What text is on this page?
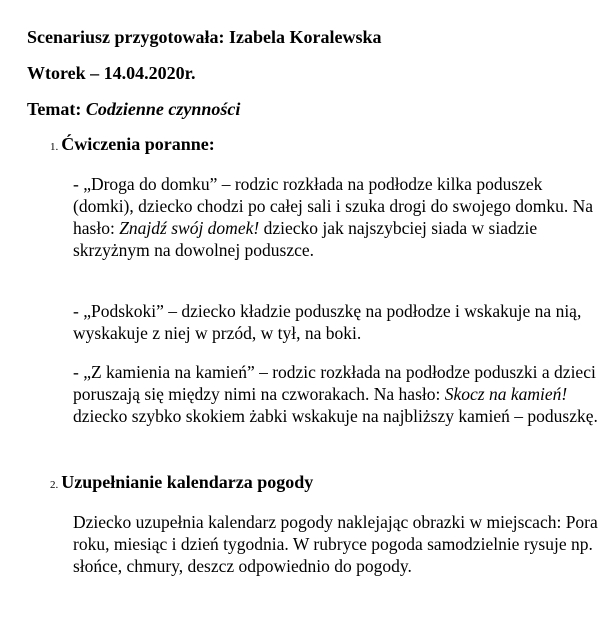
Scenariusz przygotowała: Izabela Koralewska
Wtorek – 14.04.2020r.
Temat: Codzienne czynności
1. Ćwiczenia poranne:
- „Droga do domku” – rodzic rozkłada na podłodze kilka poduszek (domki), dziecko chodzi po całej sali i szuka drogi do swojego domku. Na hasło: Znajdź swój domek! dziecko jak najszybciej siada w siadzie skrzyżnym na dowolnej poduszce.
- „Podskoki” – dziecko kładzie poduszkę na podłodze i wskakuje na nią, wyskakuje z niej w przód, w tył, na boki.
- „Z kamienia na kamień” – rodzic rozkłada na podłodze poduszki a dzieci poruszają się między nimi na czworakach. Na hasło: Skocz na kamień! dziecko szybko skokiem żabki wskakuje na najbliższy kamień – poduszkę.
2. Uzupełnianie kalendarza pogody
Dziecko uzupełnia kalendarz pogody naklejając obrazki w miejscach: Pora roku, miesiąc i dzień tygodnia. W rubryce pogoda samodzielnie rysuje np. słońce, chmury, deszcz odpowiednio do pogody.
